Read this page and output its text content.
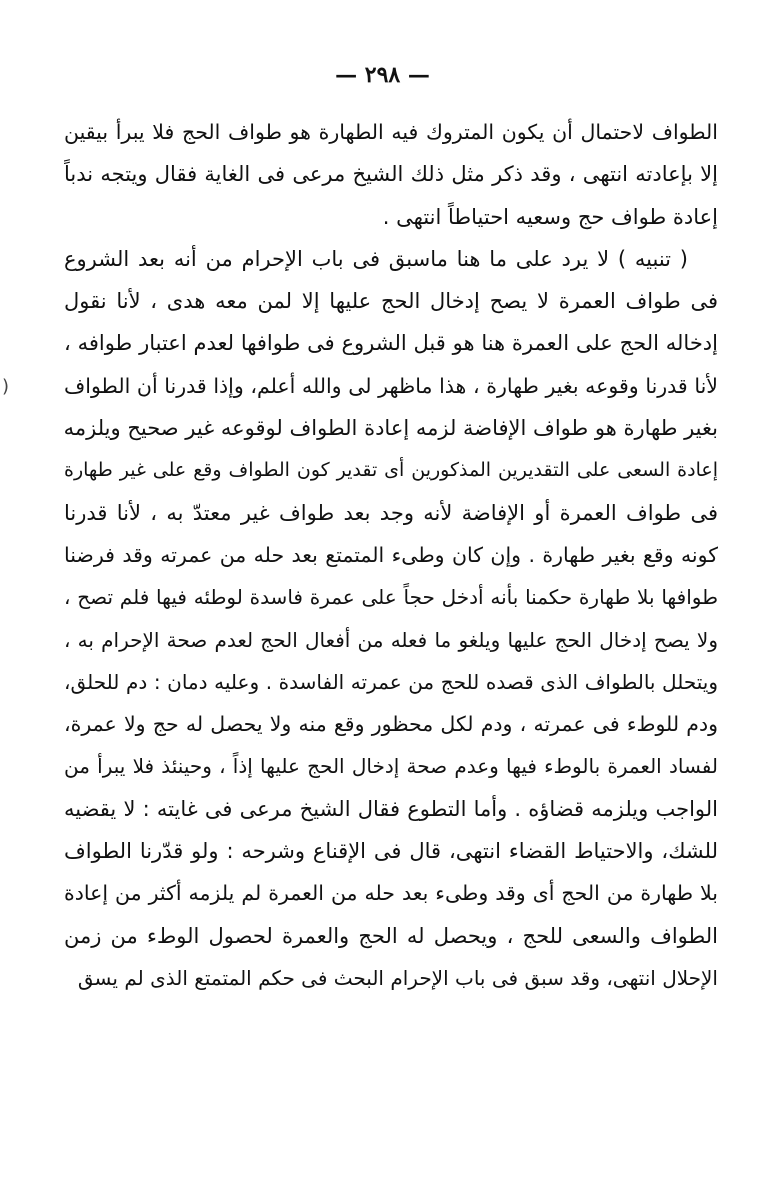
— ٢٩٨ —
)
الطواف لاحتمال أن يكون المتروك فيه الطهارة هو طواف الحج فلا يبرأ بيقين
إلا بإعادته انتهى ، وقد ذكر مثل ذلك الشيخ مرعى فى الغاية فقال ويتجه ندباً
إعادة طواف حج وسعيه احتياطاً انتهى .
( تنبيه ) لا يرد على ما هنا ماسبق فى باب الإحرام من أنه بعد الشروع
فى طواف العمرة لا يصح إدخال الحج عليها إلا لمن معه هدى ، لأنا نقول
إدخاله الحج على العمرة هنا هو قبل الشروع فى طوافها لعدم اعتبار طوافه ،
لأنا قدرنا وقوعه بغير طهارة ، هذا ماظهر لى والله أعلم، وإذا قدرنا أن الطواف
بغير طهارة هو طواف الإفاضة لزمه إعادة الطواف لوقوعه غير صحيح ويلزمه
إعادة السعى على التقديرين المذكورين أى تقدير كون الطواف وقع على غير طهارة
فى طواف العمرة أو الإفاضة لأنه وجد بعد طواف غير معتدّ به ، لأنا قدرنا
كونه وقع بغير طهارة . وإن كان وطىء المتمتع بعد حله من عمرته وقد فرضنا
طوافها بلا طهارة حكمنا بأنه أدخل حجاً على عمرة فاسدة لوطئه فيها فلم تصح ،
ولا يصح إدخال الحج عليها ويلغو ما فعله من أفعال الحج لعدم صحة الإحرام به ،
ويتحلل بالطواف الذى قصده للحج من عمرته الفاسدة . وعليه دمان : دم للحلق،
ودم للوطء فى عمرته ، ودم لكل محظور وقع منه ولا يحصل له حج ولا عمرة،
لفساد العمرة بالوطء فيها وعدم صحة إدخال الحج عليها إذاً ، وحينئذ فلا يبرأ من
الواجب ويلزمه قضاؤه . وأما التطوع فقال الشيخ مرعى فى غايته : لا يقضيه
للشك، والاحتياط القضاء انتهى، قال فى الإقناع وشرحه : ولو قدّرنا الطواف
بلا طهارة من الحج أى وقد وطىء بعد حله من العمرة لم يلزمه أكثر من إعادة
الطواف والسعى للحج ، ويحصل له الحج والعمرة لحصول الوطء من زمن
الإحلال انتهى، وقد سبق فى باب الإحرام البحث فى حكم المتمتع الذى لم يسق
